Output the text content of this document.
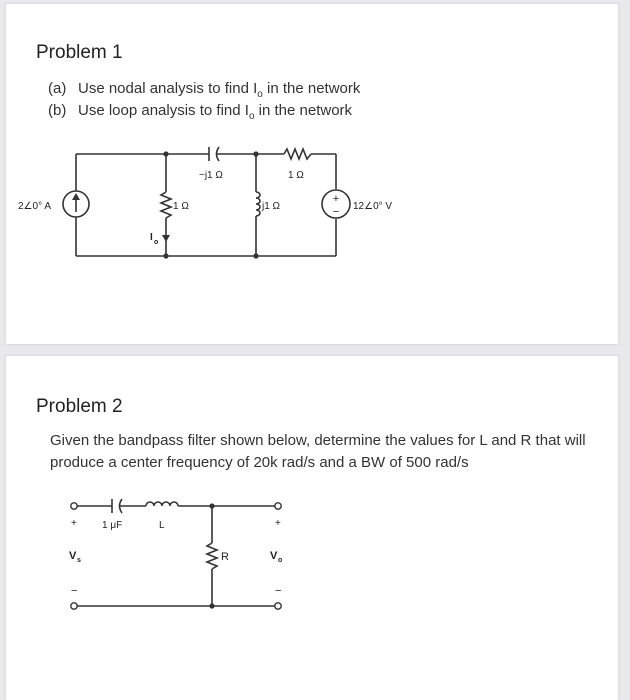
Problem 1
(a) Use nodal analysis to find $I_o$ in the network
(b) Use loop analysis to find $I_o$ in the network
+
−
2∠0° A
−j1 Ω	1 Ω
1 Ω	j1 Ω	12∠0° V
I o
Problem 2
Given the bandpass filter shown below, determine the values for L and R that will produce a center frequency of 20k rad/s and a BW of 500 rad/s
+
−
+
−
1 μF	L
R
V s	V o
